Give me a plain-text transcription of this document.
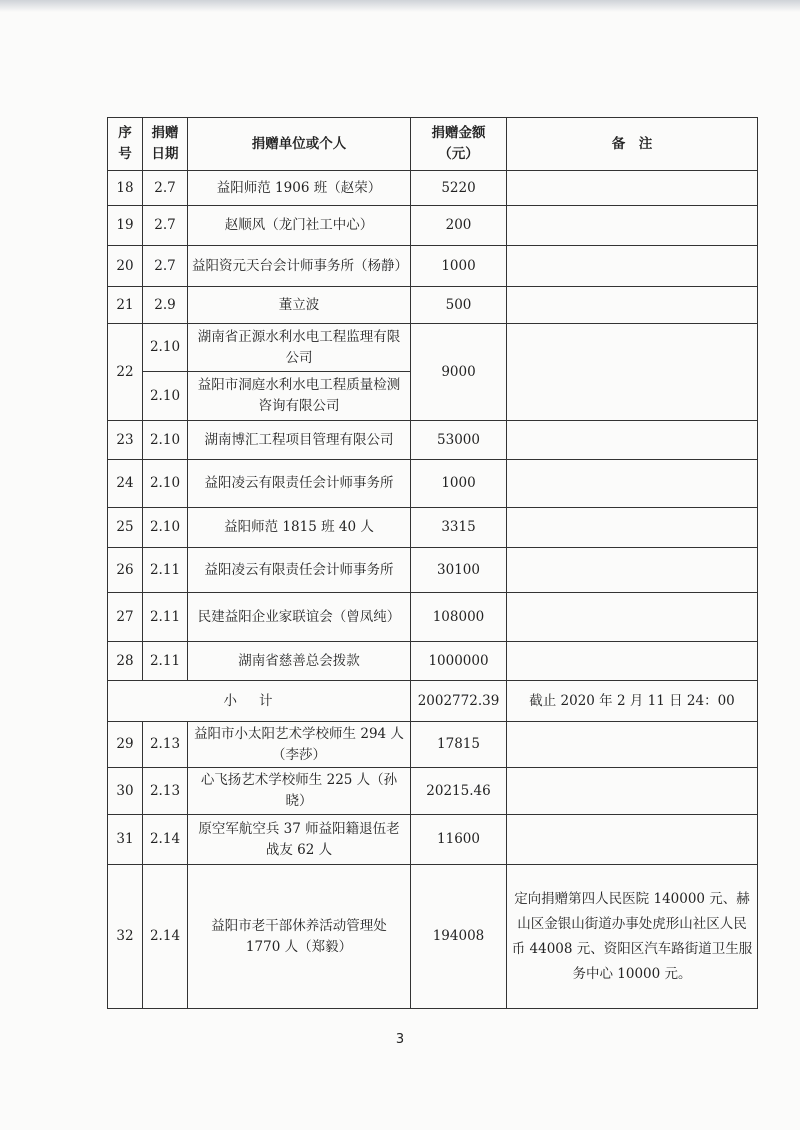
序号	捐赠日期	捐赠单位或个人	捐赠金额（元）	备　注
18	2.7	益阳师范 1906 班（赵荣）	5220	
19	2.7	赵顺风（龙门社工中心）	200	
20	2.7	益阳资元天台会计师事务所（杨静）	1000	
21	2.9	董立波	500	
22	2.10	湖南省正源水利水电工程监理有限公司	9000	
	2.10	益阳市洞庭水利水电工程质量检测咨询有限公司		
23	2.10	湖南博汇工程项目管理有限公司	53000	
24	2.10	益阳凌云有限责任会计师事务所	1000	
25	2.10	益阳师范 1815 班 40 人	3315	
26	2.11	益阳凌云有限责任会计师事务所	30100	
27	2.11	民建益阳企业家联谊会（曾凤纯）	108000	
28	2.11	湖南省慈善总会拨款	1000000	
小计			2002772.39	截止 2020 年 2 月 11 日 24：00
29	2.13	益阳市小太阳艺术学校师生 294 人（李莎）	17815	
30	2.13	心飞扬艺术学校师生 225 人（孙晓）	20215.46	
31	2.14	原空军航空兵 37 师益阳籍退伍老战友 62 人	11600	
32	2.14	益阳市老干部休养活动管理处 1770 人（郑毅）	194008	定向捐赠第四人民医院 140000 元、赫山区金银山街道办事处虎形山社区人民币 44008 元、资阳区汽车路街道卫生服务中心 10000 元。
3
